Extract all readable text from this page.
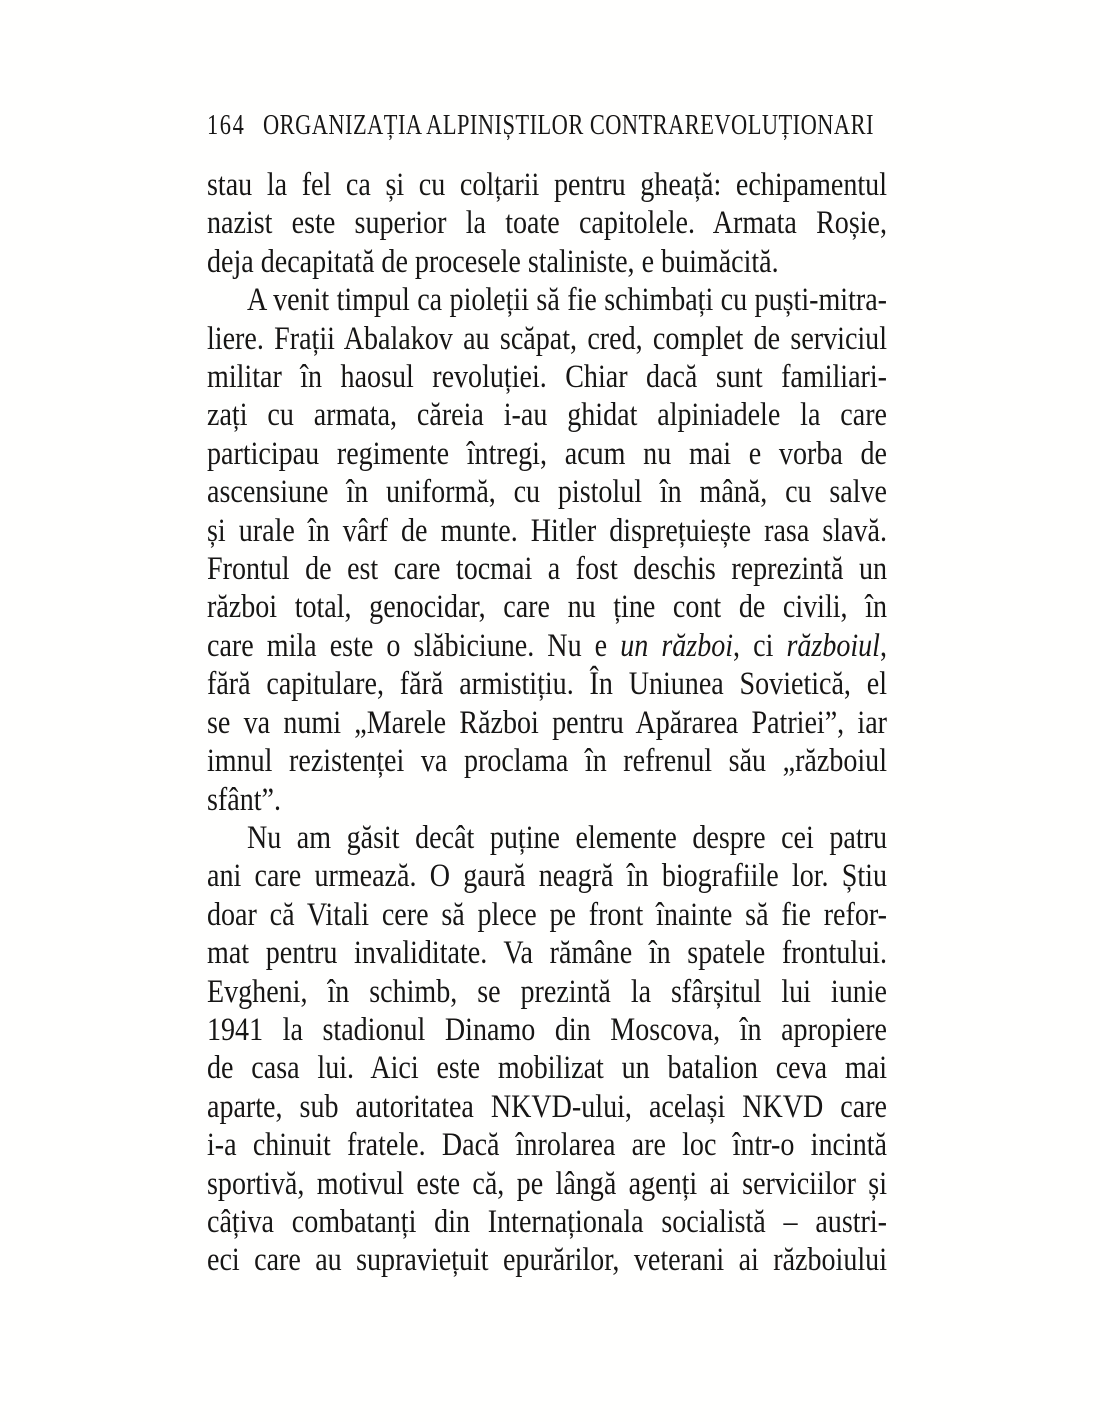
164 ORGANIZAȚIA ALPINIȘTILOR CONTRAREVOLUȚIONARI
stau la fel ca și cu colțarii pentru gheață: echipamentul
nazist este superior la toate capitolele. Armata Roșie,
deja decapitată de procesele staliniste, e buimăcită.
A venit timpul ca pioleții să fie schimbați cu puști-mitra-
liere. Frații Abalakov au scăpat, cred, complet de serviciul
militar în haosul revoluției. Chiar dacă sunt familiari-
zați cu armata, căreia i-au ghidat alpiniadele la care
participau regimente întregi, acum nu mai e vorba de
ascensiune în uniformă, cu pistolul în mână, cu salve
și urale în vârf de munte. Hitler disprețuiește rasa slavă.
Frontul de est care tocmai a fost deschis reprezintă un
război total, genocidar, care nu ține cont de civili, în
care mila este o slăbiciune. Nu e un război, ci războiul,
fără capitulare, fără armistițiu. În Uniunea Sovietică, el
se va numi „Marele Război pentru Apărarea Patriei”, iar
imnul rezistenței va proclama în refrenul său „războiul
sfânt”.
Nu am găsit decât puține elemente despre cei patru
ani care urmează. O gaură neagră în biografiile lor. Știu
doar că Vitali cere să plece pe front înainte să fie refor-
mat pentru invaliditate. Va rămâne în spatele frontului.
Evgheni, în schimb, se prezintă la sfârșitul lui iunie
1941 la stadionul Dinamo din Moscova, în apropiere
de casa lui. Aici este mobilizat un batalion ceva mai
aparte, sub autoritatea NKVD-ului, același NKVD care
i-a chinuit fratele. Dacă înrolarea are loc într-o incintă
sportivă, motivul este că, pe lângă agenți ai serviciilor și
câțiva combatanți din Internaționala socialistă – austri-
eci care au supraviețuit epurărilor, veterani ai războiului
